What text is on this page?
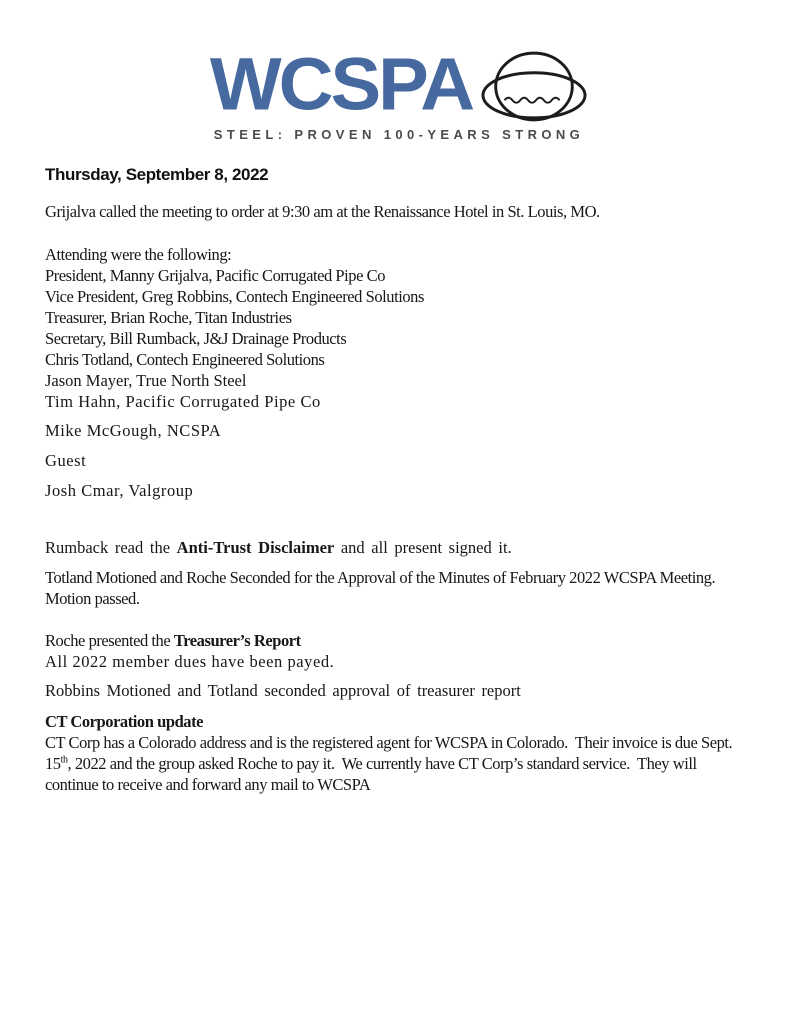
WCSPA
STEEL: PROVEN 100-YEARS STRONG

Thursday, September 8, 2022

Grijalva called the meeting to order at 9:30 am at the Renaissance Hotel in St. Louis, MO.

Attending were the following:

President, Manny Grijalva, Pacific Corrugated Pipe Co

Vice President, Greg Robbins, Contech Engineered Solutions

Treasurer, Brian Roche, Titan Industries

Secretary, Bill Rumback, J&J Drainage Products

Chris Totland, Contech Engineered Solutions

Jason Mayer, True North Steel

Tim Hahn, Pacific Corrugated Pipe Co

Mike McGough, NCSPA

Guest

Josh Cmar, Valgroup

Rumback read the Anti-Trust Disclaimer and all present signed it.

Totland Motioned and Roche Seconded for the Approval of the Minutes of February 2022 WCSPA Meeting.  Motion passed.

Roche presented the Treasurer’s Report

All 2022 member dues have been payed.

Robbins Motioned and Totland seconded approval of treasurer report

CT Corporation update

CT Corp has a Colorado address and is the registered agent for WCSPA in Colorado.  Their invoice is due Sept. 15th, 2022 and the group asked Roche to pay it.  We currently have CT Corp’s standard service.  They will continue to receive and forward any mail to WCSPA
